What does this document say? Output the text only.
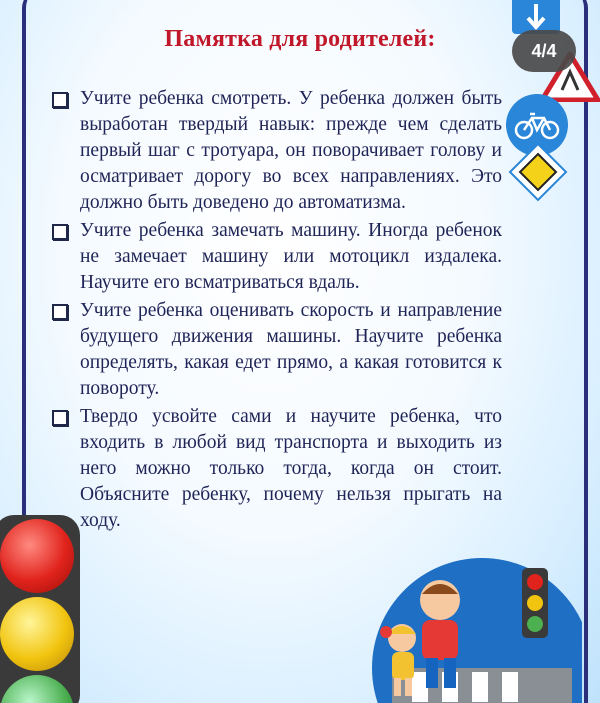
Памятка для родителей:	4/4
Учите ребенка смотреть. У ребенка должен быть выработан твердый навык: прежде чем сделать первый шаг с тротуара, он поворачивает голову и осматривает дорогу во всех направлениях. Это должно быть доведено до автоматизма.
Учите ребенка замечать машину. Иногда ребенок не замечает машину или мотоцикл издалека. Научите его всматриваться вдаль.
Учите ребенка оценивать скорость и направление будущего движения машины. Научите ребенка определять, какая едет прямо, а какая готовится к повороту.
Твердо усвойте сами и научите ребенка, что входить в любой вид транспорта и выходить из него можно только тогда, когда он стоит. Объясните ребенку, почему нельзя прыгать на ходу.
